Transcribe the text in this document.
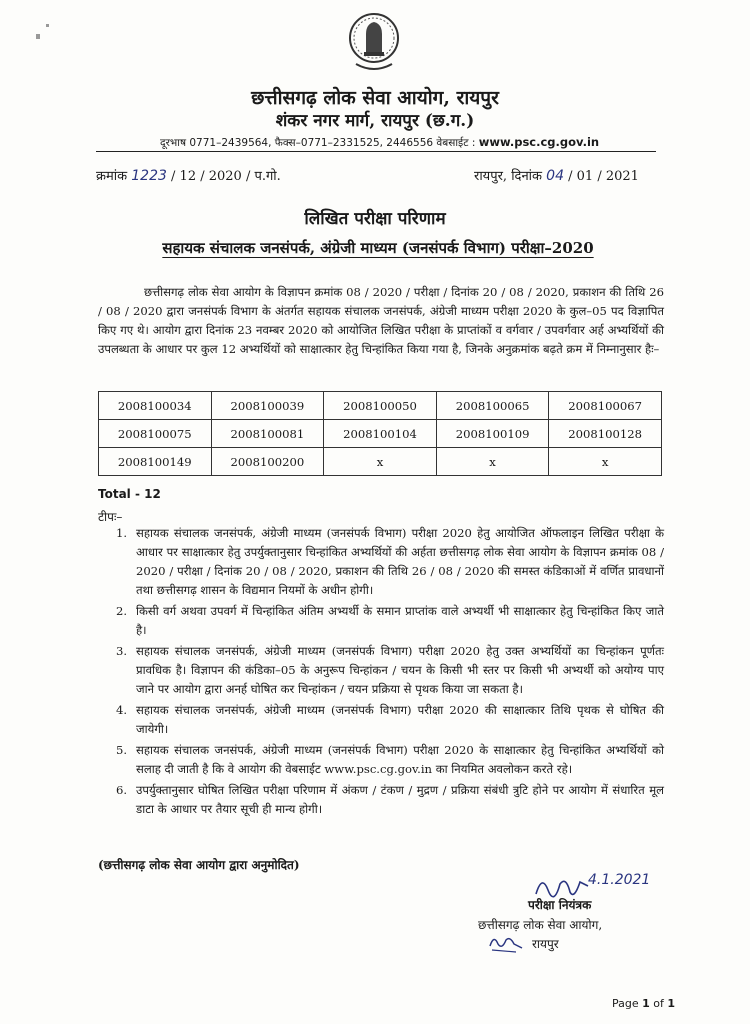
छत्तीसगढ़ लोक सेवा आयोग, रायपुर
शंकर नगर मार्ग, रायपुर (छ.ग.)
दूरभाष 0771–2439564, फैक्स–0771–2331525, 2446556 वेबसाईट : www.psc.cg.gov.in
क्रमांक 1223 / 12 / 2020 / प.गो.	रायपुर, दिनांक 04 / 01 / 2021
लिखित परीक्षा परिणाम
सहायक संचालक जनसंपर्क, अंग्रेजी माध्यम (जनसंपर्क विभाग) परीक्षा–2020
छत्तीसगढ़ लोक सेवा आयोग के विज्ञापन क्रमांक 08 / 2020 / परीक्षा / दिनांक 20 / 08 / 2020, प्रकाशन की तिथि 26 / 08 / 2020 द्वारा जनसंपर्क विभाग के अंतर्गत सहायक संचालक जनसंपर्क, अंग्रेजी माध्यम परीक्षा 2020 के कुल–05 पद विज्ञापित किए गए थे। आयोग द्वारा दिनांक 23 नवम्बर 2020 को आयोजित लिखित परीक्षा के प्राप्तांकों व वर्गवार / उपवर्गवार अर्ह अभ्यर्थियों की उपलब्धता के आधार पर कुल 12 अभ्यर्थियों को साक्षात्कार हेतु चिन्हांकित किया गया है, जिनके अनुक्रमांक बढ़ते क्रम में निम्नानुसार हैः–
2008100034	2008100039	2008100050	2008100065	2008100067
2008100075	2008100081	2008100104	2008100109	2008100128
2008100149	2008100200	x	x	x
Total - 12
टीपः–
1. सहायक संचालक जनसंपर्क, अंग्रेजी माध्यम (जनसंपर्क विभाग) परीक्षा 2020 हेतु आयोजित ऑफलाइन लिखित परीक्षा के आधार पर साक्षात्कार हेतु उपर्युक्तानुसार चिन्हांकित अभ्यर्थियों की अर्हता छत्तीसगढ़ लोक सेवा आयोग के विज्ञापन क्रमांक 08 / 2020 / परीक्षा / दिनांक 20 / 08 / 2020, प्रकाशन की तिथि 26 / 08 / 2020 की समस्त कंडिकाओं में वर्णित प्रावधानों तथा छत्तीसगढ़ शासन के विद्यमान नियमों के अधीन होगी।
2. किसी वर्ग अथवा उपवर्ग में चिन्हांकित अंतिम अभ्यर्थी के समान प्राप्तांक वाले अभ्यर्थी भी साक्षात्कार हेतु चिन्हांकित किए जाते है।
3. सहायक संचालक जनसंपर्क, अंग्रेजी माध्यम (जनसंपर्क विभाग) परीक्षा 2020 हेतु उक्त अभ्यर्थियों का चिन्हांकन पूर्णतः प्रावधिक है। विज्ञापन की कंडिका–05 के अनुरूप चिन्हांकन / चयन के किसी भी स्तर पर किसी भी अभ्यर्थी को अयोग्य पाए जाने पर आयोग द्वारा अनर्ह घोषित कर चिन्हांकन / चयन प्रक्रिया से पृथक किया जा सकता है।
4. सहायक संचालक जनसंपर्क, अंग्रेजी माध्यम (जनसंपर्क विभाग) परीक्षा 2020 की साक्षात्कार तिथि पृथक से घोषित की जायेगी।
5. सहायक संचालक जनसंपर्क, अंग्रेजी माध्यम (जनसंपर्क विभाग) परीक्षा 2020 के साक्षात्कार हेतु चिन्हांकित अभ्यर्थियों को सलाह दी जाती है कि वे आयोग की वेबसाईट www.psc.cg.gov.in का नियमित अवलोकन करते रहे।
6. उपर्युक्तानुसार घोषित लिखित परीक्षा परिणाम में अंकण / टंकण / मुद्रण / प्रक्रिया संबंधी त्रुटि होने पर आयोग में संधारित मूल डाटा के आधार पर तैयार सूची ही मान्य होगी।
(छत्तीसगढ़ लोक सेवा आयोग द्वारा अनुमोदित)
4.1.2021
परीक्षा नियंत्रक
छत्तीसगढ़ लोक सेवा आयोग,
रायपुर
Page 1 of 1
